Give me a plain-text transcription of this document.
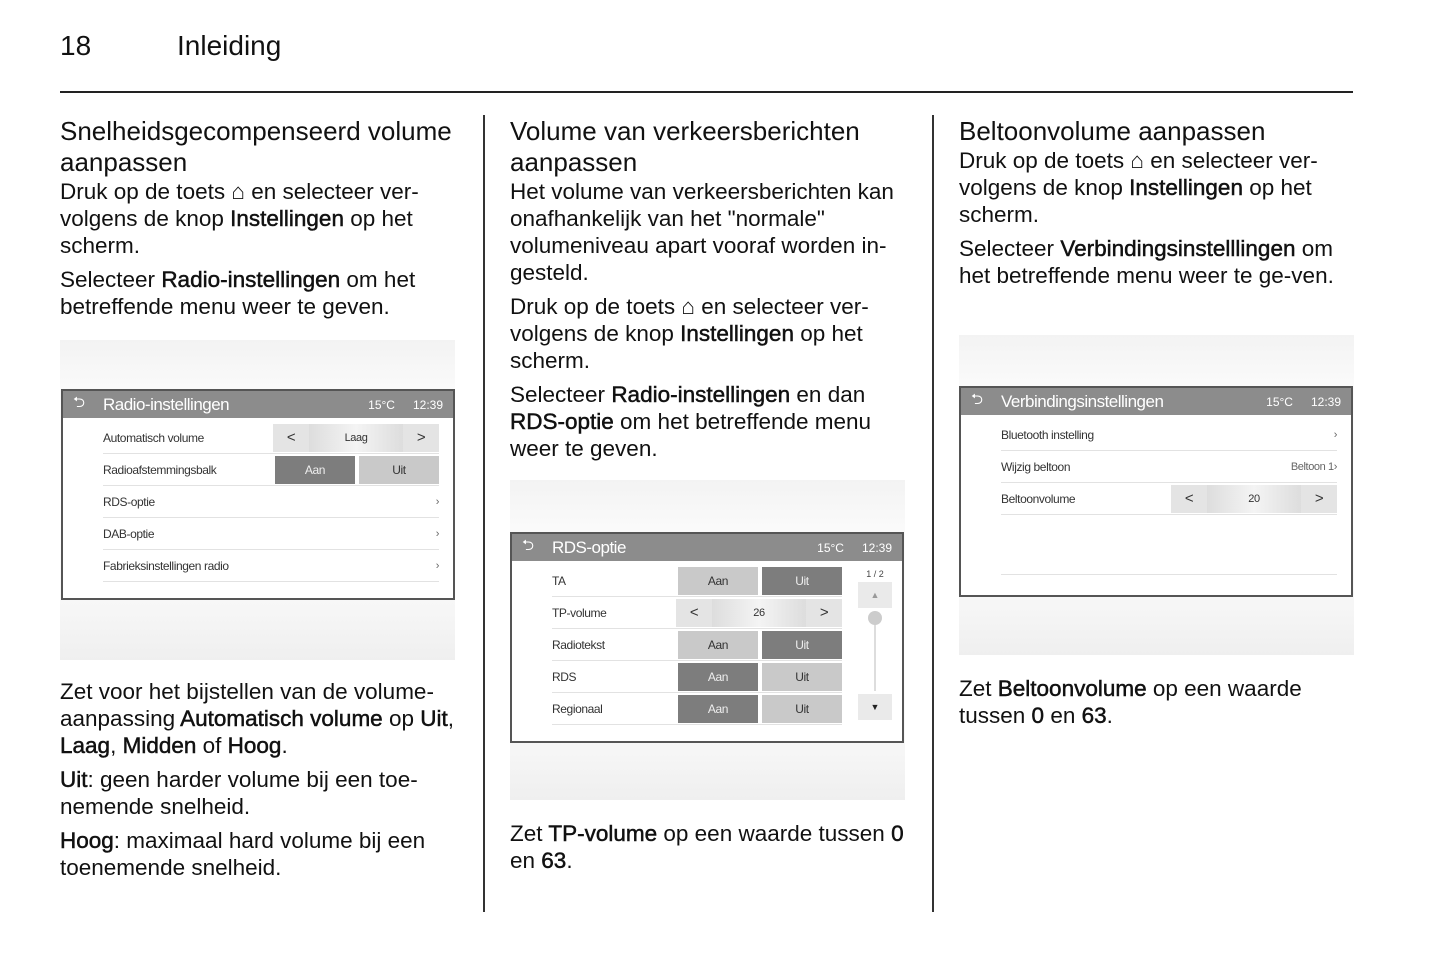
18	Inleiding
Snelheidsgecompenseerd volume aanpassen

Druk op de toets ⌂ en selecteer ver-volgens de knop Instellingen op het scherm.

Selecteer Radio-instellingen om het betreffende menu weer te geven.

⮌	Radio-instellingen	15°C 12:39
Automatisch volume	<	Laag	>
Radioafstemmingsbalk	Aan	Uit
RDS-optie	›
DAB-optie	›
Fabrieksinstellingen radio	›

Zet voor het bijstellen van de volume-aanpassing Automatisch volume op Uit, Laag, Midden of Hoog.

Uit: geen harder volume bij een toe-nemende snelheid.

Hoog: maximaal hard volume bij een toenemende snelheid.

Volume van verkeersberichten aanpassen

Het volume van verkeersberichten kan onafhankelijk van het "normale" volumeniveau apart vooraf worden in-gesteld.

Druk op de toets ⌂ en selecteer ver-volgens de knop Instellingen op het scherm.

Selecteer Radio-instellingen en dan RDS-optie om het betreffende menu weer te geven.

⮌	RDS-optie	15°C 12:39
TA	Aan	Uit
TP-volume	<	26	>
Radiotekst	Aan	Uit
RDS	Aan	Uit
Regionaal	Aan	Uit
1 / 2
▲
▼

Zet TP-volume op een waarde tussen 0 en 63.

Beltoonvolume aanpassen

Druk op de toets ⌂ en selecteer ver-volgens de knop Instellingen op het scherm.

Selecteer Verbindingsinstelllingen om het betreffende menu weer te ge-ven.

⮌	Verbindingsinstellingen	15°C 12:39
Bluetooth instelling	›
Wijzig beltoon	Beltoon 1 ›
Beltoonvolume	<	20	>

Zet Beltoonvolume op een waarde tussen 0 en 63.
